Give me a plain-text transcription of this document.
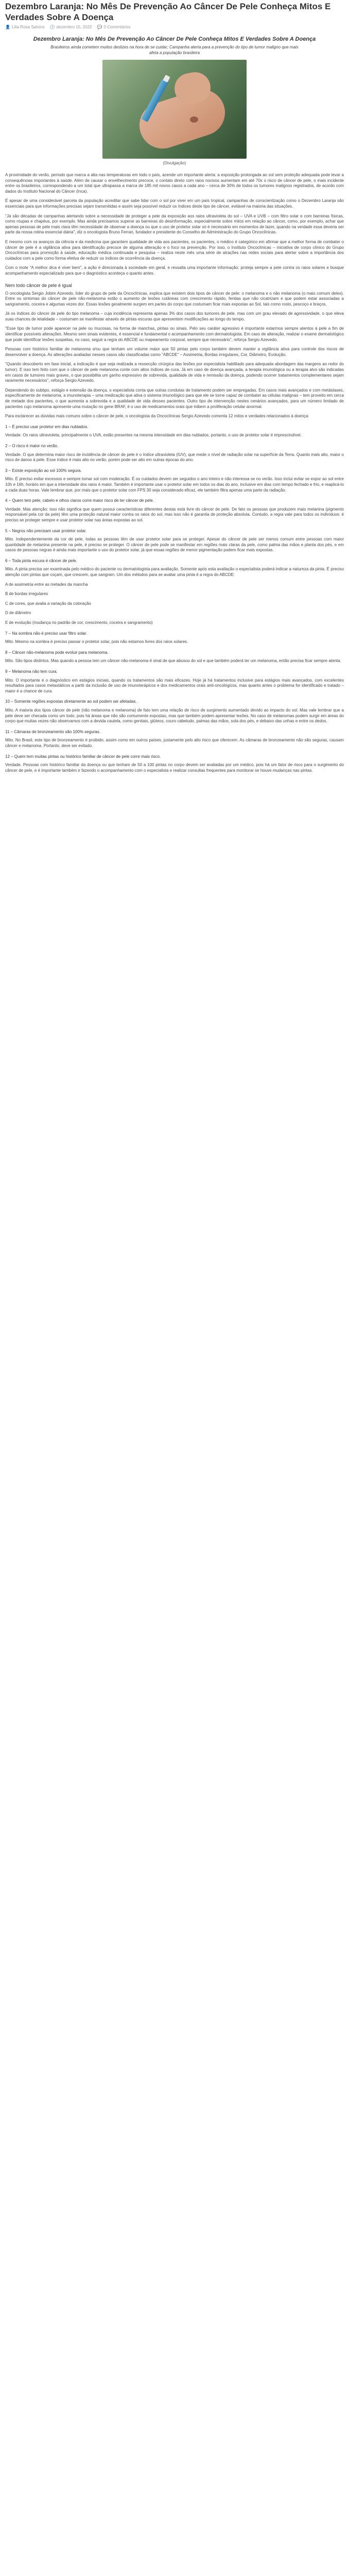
Dezembro Laranja: No Mês De Prevenção Ao Câncer De Pele Conheça Mitos E Verdades Sobre A Doença
👤 Lilia Rosa Salvino 🕑 dezembro 15, 2022 💬 0 Comentários

Dezembro Laranja: No Mês De Prevenção Ao Câncer De Pele Conheça Mitos E Verdades Sobre A Doença

Brasileiros ainda cometem muitos deslizes na hora de se cuidar; Campanha alerta para a prevenção do tipo de tumor maligno que mais afeta a população brasileira

(Divulgação)

A proximidade do verão, período que marca a alta nas temperaturas em todo o país, acende um importante alerta: a exposição prolongada ao sol sem proteção adequada pode levar a consequências importantes à saúde. Além de causar o envelhecimento precoce, o contato direto com raios nocivos aumentam em até 70x o risco de câncer de pele, o mais incidente entre os brasileiros, correspondendo a um total que ultrapassa a marca de 185 mil novos casos a cada ano – cerca de 30% de todos os tumores malignos registrados, de acordo com dados do Instituto Nacional do Câncer (Inca).

É apesar de uma considerável parcela da população acreditar que sabe lidar com o sol por viver em um país tropical, campanhas de conscientização como o Dezembro Laranja são essenciais para que informações precisas sejam transmitidas e assim seja possível reduzir os índices deste tipo de câncer, evitável na maioria das situações.

"Já são décadas de campanhas alertando sobre a necessidade de proteger a pele da exposição aos raios ultravioleta do sol – UVA e UVB – com filtro solar e com barreiras físicas, como roupas e chapéus, por exemplo. Mas ainda precisamos superar as barreiras do desinformação, especialmente sobre mitos em relação ao câncer, como, por exemplo, achar que apenas pessoas de pele mais clara têm necessidade de observar a doença ou que o uso de protetor solar só é necessário em momentos de lazer, quando na verdade essa deveria ser parte da nossa rotina essencial diária", diz o oncologista Bruno Ferrari, fundador e presidente do Conselho de Administração do Grupo Oncoclínicas.

E mesmo com os avanços da ciência e da medicina que garantem qualidade de vida aos pacientes, os pacientes, o médico é categórico em afirmar que a melhor forma de combater o câncer de pele é a vigilância ativa para identificação precoce de alguma alteração e o foco na prevenção. Por isso, o Instituto Oncoclínicas – iniciativa de corpo clínico do Grupo Oncoclínicas para promoção à saúde, educação médica continuada e pesquisa – realiza neste mês uma série de atrações nas redes sociais para alertar sobre a importância dos cuidados com a pele como forma efetiva de reduzir os índices de ocorrência da doença.

Com o mote "A melhor dica é viver bem", a ação é direcionada à sociedade em geral, e ressalta uma importante informação: proteja sempre a pele contra os raios solares e busque acompanhamento especializado para que o diagnóstico aconteça o quanto antes.

Nem todo câncer de pele é igual

O oncologista Sergio Jobim Azevedo, líder do grupo de pele da Oncoclínicas, explica que existem dois tipos de câncer de pele: o melanoma e o não melanoma (o mais comum deles). Entre os sintomas do câncer de pele não-melanoma estão o aumento de lesões cutâneas com crescimento rápido, feridas que não cicatrizam e que podem estar associadas a sangramento, coceira e algumas vezes dor. Essas lesões geralmente surgem em partes do corpo que costumam ficar mais expostas ao Sol, tais como rosto, pescoço e braços.

Já os índices do câncer de pele do tipo melanoma – cuja incidência representa apenas 3% dos casos dos tumores de pele, mas com um grau elevado de agressividade, o que eleva suas chances de letalidade – costumam se manifestar através de pintas escuras que apresentem modificações ao longo do tempo.

"Esse tipo de tumor pode aparecer na pele ou mucosas, na forma de manchas, pintas ou sinais. Pelo seu caráter agressivo é importante estarmos sempre atentos à pele a fim de identificar possíveis alterações. Mesmo sem sinais evidentes, é essencial e fundamental o acompanhamento com dermatologista. Em caso de alteração, realizar o exame dermatológico que pode identificar lesões suspeitas, no caso, seguir a regra do ABCDE ou mapeamento corporal, sempre que necessário", reforça Sergio Azevedo.

Pessoas com histórico familiar de melanoma e/ou que tenham um volume maior que 50 pintas pelo corpo também devem manter a vigilância ativa para controle dos riscos de desenvolver a doença. As alterações avaliadas nesses casos são classificadas como "ABCDE" – Assimetria, Bordas irregulares, Cor, Diâmetro, Evolução.

"Quando descoberto em fase inicial, a indicação é que seja realizada a ressecção cirúrgica das lesões por especialista habilitado para adequada abordagem das margens ao redor do tumor). E isso tem feito com que o câncer de pele melanoma conte com altos índices de cura. Já em caso de doença avançada, a terapia imunológica ou a terapia alvo são indicadas em casos de tumores mais graves, o que possibilita um ganho expressivo de sobrevida, qualidade de vida e remissão da doença, podendo ocorrer tratamentos complementares sejam raramente necessários", reforça Sergio Azevedo.

Dependendo do subtipo, estágio e extensão da doença, o especialista conta que outras condutas de tratamento podem ser empregadas. Em casos mais avançados e com metástases, especificamente de melanoma, a imunoterapia – uma medicação que ativa o sistema imunológico para que ele se torne capaz de combater as células malignas – tem proveito em cerca de metade dos pacientes, o que aumenta a sobrevida e a qualidade de vida desses pacientes. Outro tipo de intervenção nestes cenários avançados, para um número limitado de pacientes cujo melanoma apresente uma mutação no gene BRAF, é o uso de medicamentos orais que inibem a proliferação celular anormal.

Para esclarecer as dúvidas mais comuns sobre o câncer de pele, o oncologista da Oncoclínicas Sergio Azevedo comenta 12 mitos e verdades relacionados à doença:

1 – É preciso usar protetor em dias nublados.

Verdade. Os raios ultravioleta, principalmente o UVA, estão presentes na mesma intensidade em dias nublados, portanto, o uso de protetor solar é imprescindível.

2 – O risco é maior no verão.

Verdade. O que determina maior risco de incidência de câncer de pele é o índice ultravioleta (IUV), que mede o nível de radiação solar na superfície da Terra. Quanto mais alto, maior o risco de danos à pele. Esse índice é mais alto no verão, porém pode ser alto em outras épocas do ano.

3 – Existe exposição ao sol 100% segura.

Mito. É preciso evitar excessos e sempre tomar sol com moderação. É os cuidados devem ser seguidos o ano inteiro e não interessa se no verão. Isso inclui evitar se expor ao sol entre 10h e 16h, horário em que a intensidade dos raios é maior. Também é importante usar o protetor solar em todos os dias do ano, inclusive em dias com tempo fechado e frio, e reaplicá-lo a cada duas horas. Vale lembrar que, por mais que o protetor solar com FPS 30 seja considerado eficaz, ele também filtra apenas uma parte da radiação.

4 – Quem tem pele, cabelo e olhos claros corre maior risco de ter câncer de pele.

Verdade. Mas atenção: isso não significa que quem possui características diferentes destas está livre do câncer de pele. De fato os pessoas que produzem mais melanina (pigmento responsável pela cor da pele) têm uma proteção natural maior contra os raios do sol, mas isso não é garantia de proteção absoluta. Contudo, a regra vale para todos os indivíduos: é preciso se proteger sempre e usar protetor solar nas áreas expostas ao sol.

5 – Negros não precisam usar protetor solar.

Mito. Independentemente da cor de pele, todas as pessoas têm de usar protetor solar para se proteger. Apesar do câncer de pele ser menos comum entre pessoas com maior quantidade de melanina presente na pele, é preciso se proteger. O câncer de pele pode se manifestar em regiões mais claras da pele, como palma das mãos e planta dos pés, e em casos de pessoas negras é ainda mais importante o uso do protetor solar, já que essas regiões de menor pigmentação podem ficar mais expostas.

6 – Toda pinta escura é câncer de pele.

Mito. A pinta precisa ser examinada pelo médico do paciente ou dermatologista para avaliação. Somente após esta avaliação o especialista poderá indicar a natureza da pinta. É preciso atenção com pintas que coçam, que crescem, que sangram. Um dos métodos para se avaliar uma pinta é a regra do ABCDE:

A de assimetria entre as metades da mancha

B de bordas irregulares

C de cores, que avalia a variação da coloração

D de diâmetro

E de evolução (mudança no padrão de cor, crescimento, coceira e sangramento)

7 – Na sombra não é preciso usar filtro solar.

Mito. Mesmo na sombra é preciso passar o protetor solar, pois não estamos livres dos raios solares.

8 – Câncer não-melanoma pode evoluir para melanoma.

Mito. São tipos distintos. Mas quando a pessoa tem um câncer não-melanoma é sinal de que abusou do sol e que também poderá ter um melanoma, então precisa ficar sempre atenta.

9 – Melanoma não tem cura.

Mito. O importante é o diagnóstico em estágios iniciais, quando os tratamentos são mais eficazes. Hoje já há tratamentos inclusive para estágios mais avançados, com excelentes resultados para casos metastáticos a partir da inclusão de uso de imunoterápicos e dos medicamentos orais anti-oncológicos, mas quanto antes o problema for identificado e tratado – maior é a chance de cura.

10 – Somente regiões expostas diretamente ao sol podem ser afetadas.

Mito. A maioria dos tipos câncer de pele (não melanoma e melanoma) de fato tem uma relação de risco de surgimento aumentado devido ao impacto do sol. Mas vale lembrar que a pele deve ser checada como um todo, pois há áreas que não são comumente expostas, mas que também podem apresentar lesões. No caso de melanomas podem surgir em áreas do corpo que muitas vezes não observamos com a devida cautela, como genitais, glúteos, couro cabeludo, palmas das mãos, sola dos pés, e debaixo das unhas e entre os dedos.

11 – Câmaras de bronzeamento são 100% seguras.

Mito. No Brasil, este tipo de bronzeamento é proibido, assim como em outros países, justamente pelo alto risco que oferecem. As câmaras de bronzeamento não são seguras, causam câncer e melanoma. Portanto, deve ser evitado.

12 – Quem tem muitas pintas ou histórico familiar de câncer de pele corre mais risco.

Verdade. Pessoas com histórico familiar da doença ou que tenham de 50 a 100 pintas no corpo devem ser avaliadas por um médico, pois há um fator de risco para o surgimento do câncer de pele, e é importante também ir fazendo o acompanhamento com o especialista e realizar consultas frequentes para monitorar se houve mudanças nas pintas.
